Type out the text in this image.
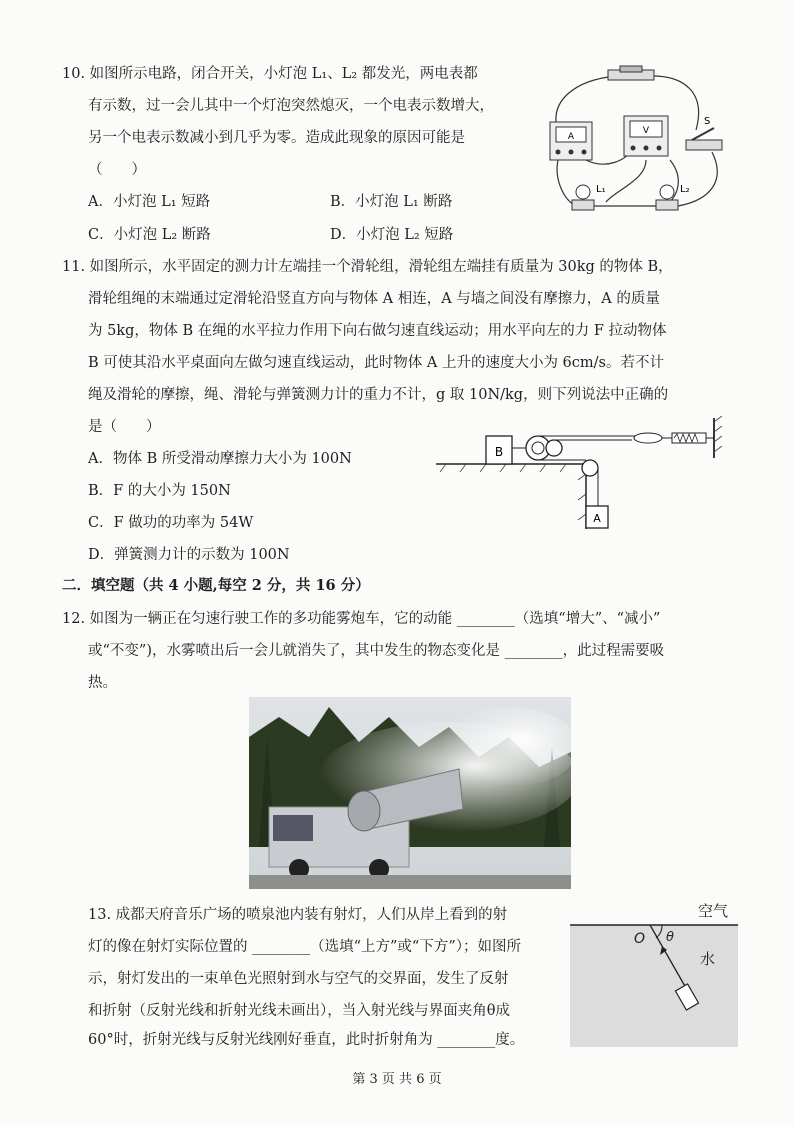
10. 如图所示电路，闭合开关，小灯泡 L₁、L₂ 都发光，两电表都
有示数，过一会儿其中一个灯泡突然熄灭，一个电表示数增大，
另一个电表示数减小到几乎为零。造成此现象的原因可能是
（　　）
A．小灯泡 L₁ 短路	B．小灯泡 L₁ 断路
C．小灯泡 L₂ 断路	D．小灯泡 L₂ 短路
A
V
S
L₁	L₂
11. 如图所示，水平固定的测力计左端挂一个滑轮组，滑轮组左端挂有质量为 30kg 的物体 B，
滑轮组绳的末端通过定滑轮沿竖直方向与物体 A 相连，A 与墙之间没有摩擦力，A 的质量
为 5kg，物体 B 在绳的水平拉力作用下向右做匀速直线运动；用水平向左的力 F 拉动物体
B 可使其沿水平桌面向左做匀速直线运动，此时物体 A 上升的速度大小为 6cm/s。若不计
绳及滑轮的摩擦，绳、滑轮与弹簧测力计的重力不计，g 取 10N/kg，则下列说法中正确的
是（　　）
A．物体 B 所受滑动摩擦力大小为 100N
B．F 的大小为 150N
C．F 做功的功率为 54W
D．弹簧测力计的示数为 100N
B
A
二．填空题（共 4 小题,每空 2 分，共 16 分）
12. 如图为一辆正在匀速行驶工作的多功能雾炮车，它的动能 ________（选填“增大”、“减小”
或“不变”)，水雾喷出后一会儿就消失了，其中发生的物态变化是 ________，此过程需要吸
热。
13. 成都天府音乐广场的喷泉池内装有射灯，人们从岸上看到的射
灯的像在射灯实际位置的 ________（选填“上方”或“下方”）；如图所
示，射灯发出的一束单色光照射到水与空气的交界面，发生了反射
和折射（反射光线和折射光线未画出），当入射光线与界面夹角θ成
60°时，折射光线与反射光线刚好垂直，此时折射角为 ________度。
空气
O θ
水
第 3 页 共 6 页
